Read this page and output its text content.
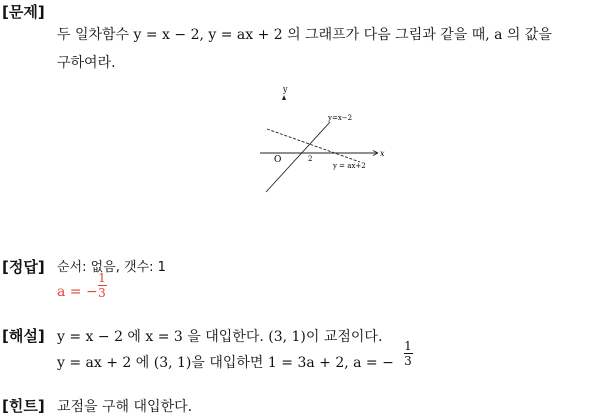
[문제]
두 일차함수 y = x − 2, y = ax + 2 의 그래프가 다음 그림과 같을 때, a 의 값을
구하여라.
y
x
O	2
y=x−2
y = ax+2
[정답] 순서: 없음, 갯수: 1
a = −
1
3
[해설] y = x − 2 에 x = 3 을 대입한다. (3, 1)이 교점이다.
y = ax + 2 에 (3, 1)을 대입하면 1 = 3a + 2, a = −
1
3
[힌트] 교점을 구해 대입한다.
